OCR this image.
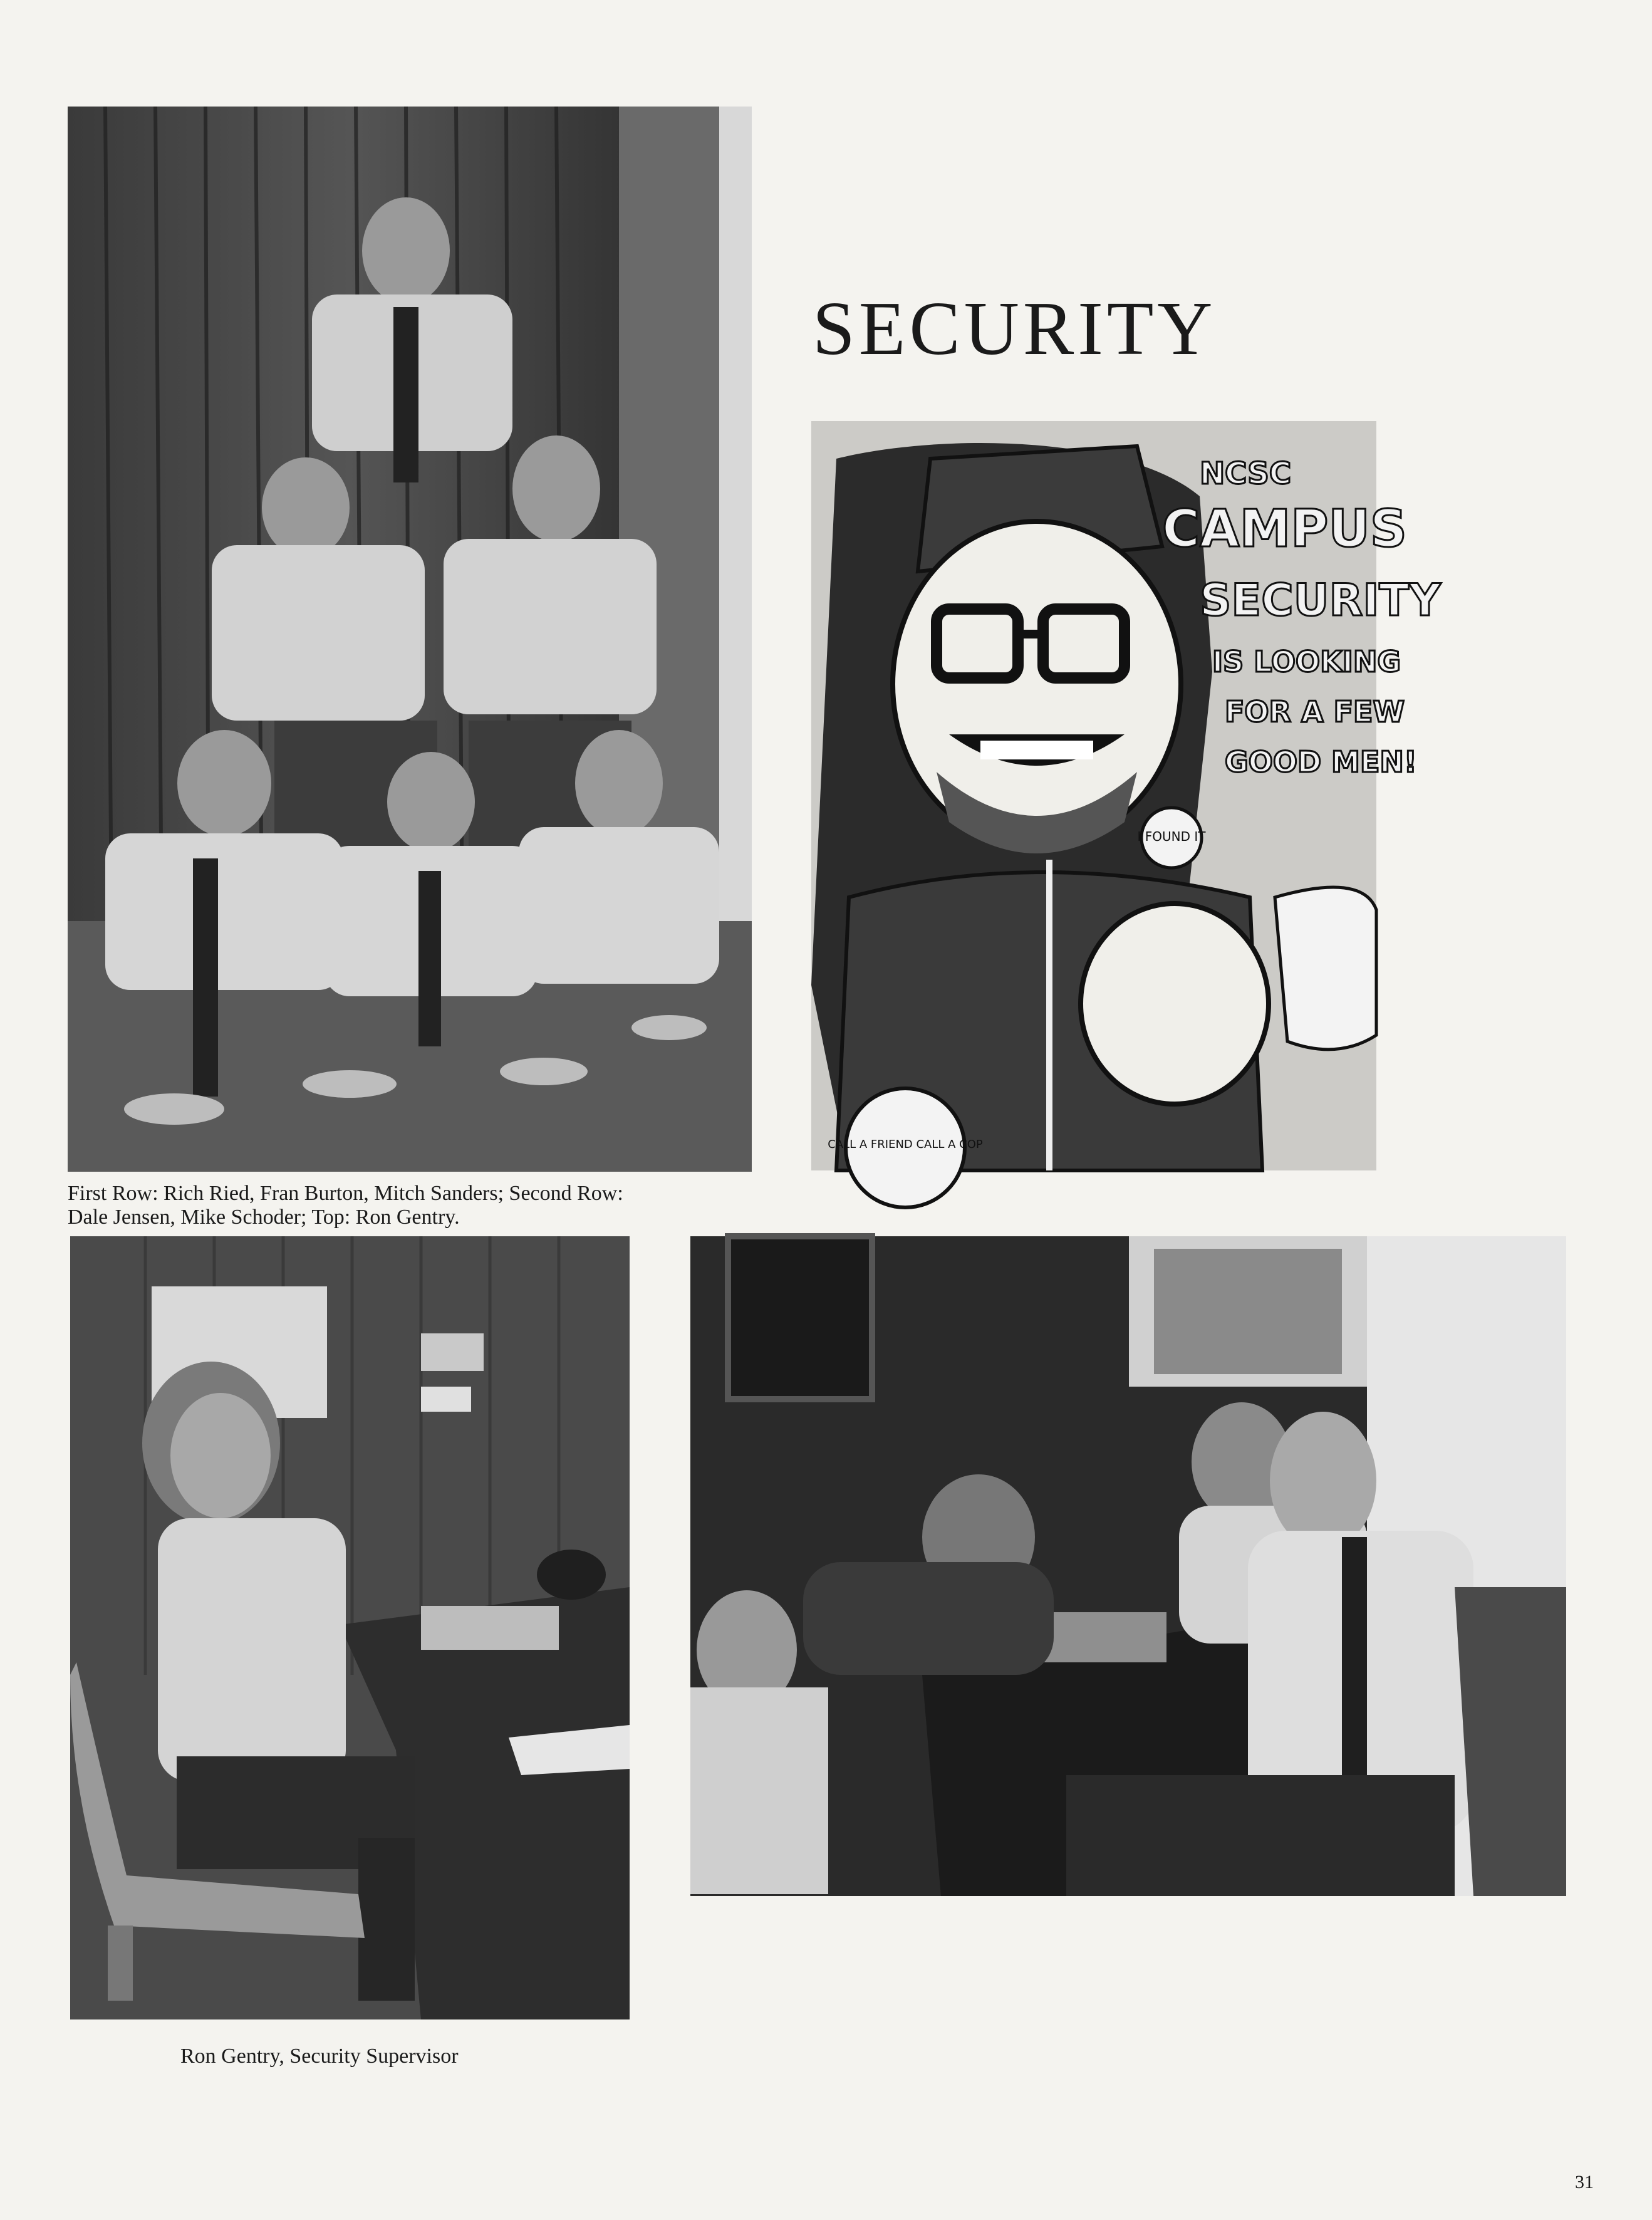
SECURITY

First Row: Rich Ried, Fran Burton, Mitch Sanders; Second Row:
Dale Jensen, Mike Schoder; Top: Ron Gentry.

I FOUND IT
CALL A FRIEND CALL A COP
NCSC
CAMPUS
SECURITY
IS LOOKING
FOR A FEW
GOOD MEN!

Ron Gentry, Security Supervisor

31
